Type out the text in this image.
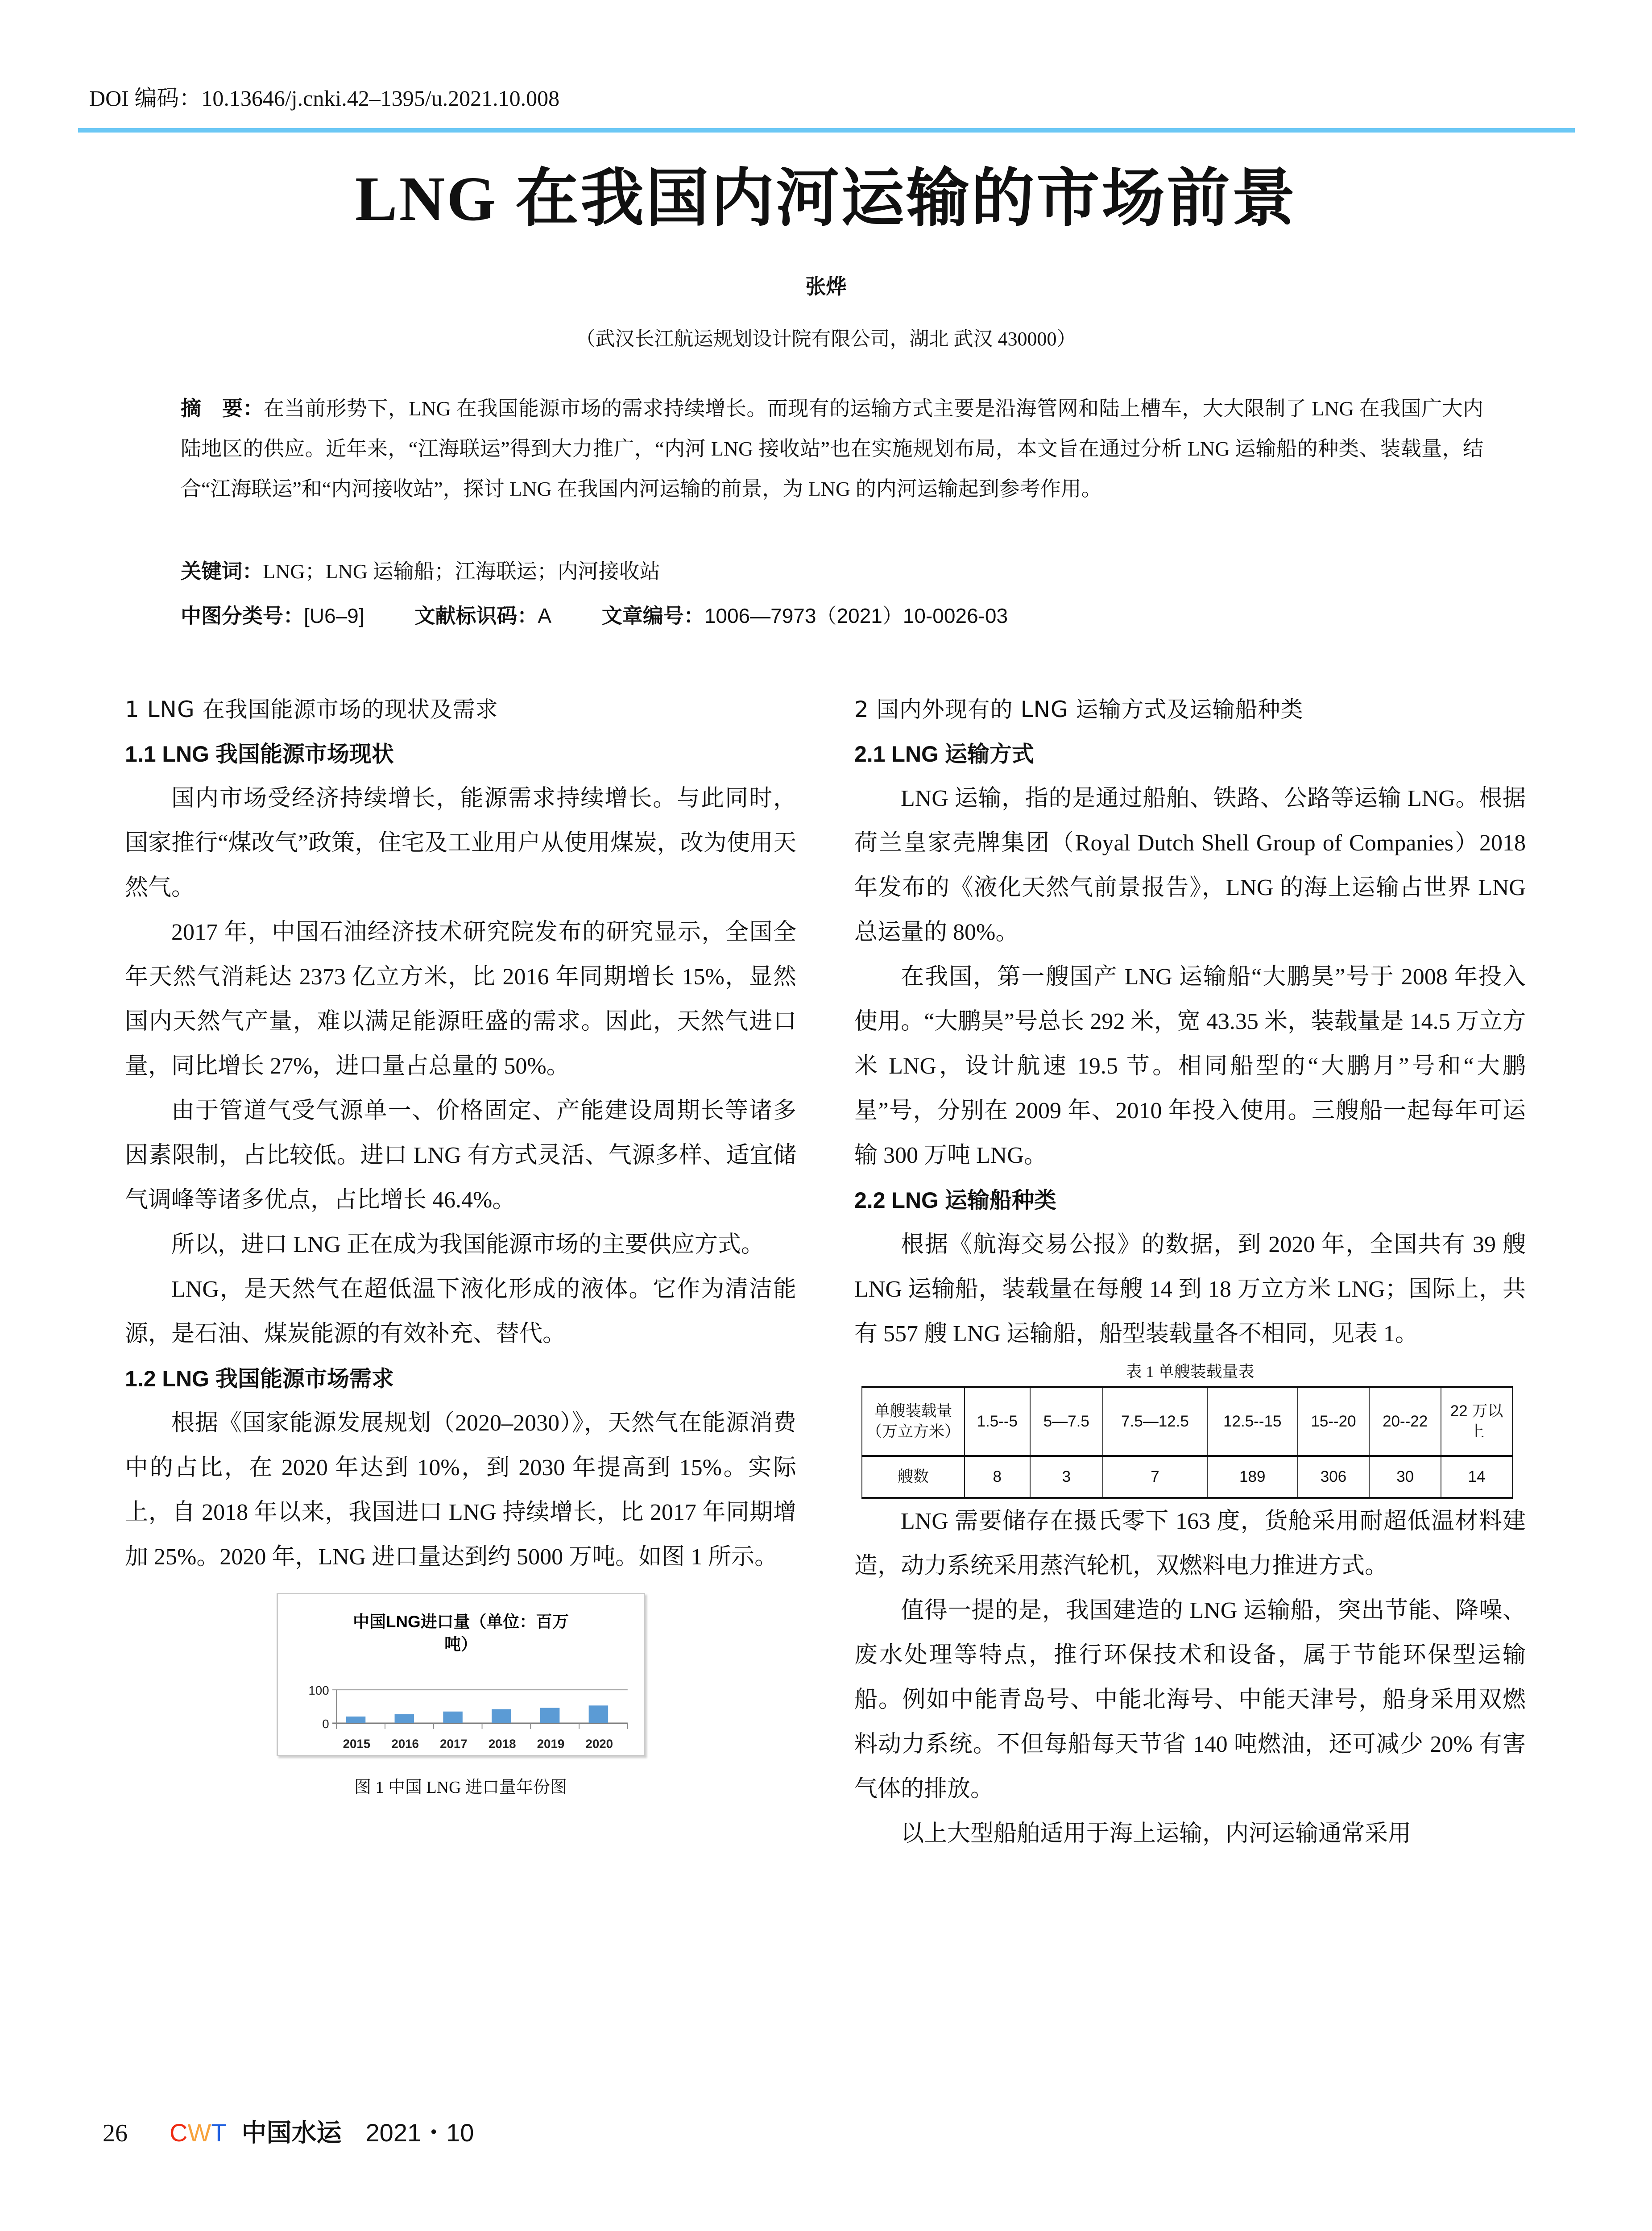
DOI 编码：10.13646/j.cnki.42–1395/u.2021.10.008
LNG 在我国内河运输的市场前景
张烨
（武汉长江航运规划设计院有限公司，湖北 武汉 430000）
摘　要：在当前形势下，LNG 在我国能源市场的需求持续增长。而现有的运输方式主要是沿海管网和陆上槽车，大大限制了 LNG 在我国广大内陆地区的供应。近年来，“江海联运”得到大力推广，“内河 LNG 接收站”也在实施规划布局，本文旨在通过分析 LNG 运输船的种类、装载量，结合“江海联运”和“内河接收站”，探讨 LNG 在我国内河运输的前景，为 LNG 的内河运输起到参考作用。
关键词：LNG；LNG 运输船；江海联运；内河接收站
中图分类号：[U6–9] 文献标识码：A 文章编号：1006—7973（2021）10-0026-03
1 LNG 在我国能源市场的现状及需求
1.1 LNG 我国能源市场现状

国内市场受经济持续增长，能源需求持续增长。与此同时，国家推行“煤改气”政策，住宅及工业用户从使用煤炭，改为使用天然气。

2017 年，中国石油经济技术研究院发布的研究显示，全国全年天然气消耗达 2373 亿立方米，比 2016 年同期增长 15%，显然国内天然气产量，难以满足能源旺盛的需求。因此，天然气进口量，同比增长 27%，进口量占总量的 50%。

由于管道气受气源单一、价格固定、产能建设周期长等诸多因素限制，占比较低。进口 LNG 有方式灵活、气源多样、适宜储气调峰等诸多优点，占比增长 46.4%。

所以，进口 LNG 正在成为我国能源市场的主要供应方式。

LNG，是天然气在超低温下液化形成的液体。它作为清洁能源，是石油、煤炭能源的有效补充、替代。

1.2 LNG 我国能源市场需求

根据《国家能源发展规划（2020–2030）》，天然气在能源消费中的占比，在 2020 年达到 10%，到 2030 年提高到 15%。实际上，自 2018 年以来，我国进口 LNG 持续增长，比 2017 年同期增加 25%。2020 年，LNG 进口量达到约 5000 万吨。如图 1 所示。

中国LNG进口量（单位：百万
吨）
0
100
2015 2016 2017 2018 2019 2020
图 1 中国 LNG 进口量年份图
2 国内外现有的 LNG 运输方式及运输船种类
2.1 LNG 运输方式

LNG 运输，指的是通过船舶、铁路、公路等运输 LNG。根据荷兰皇家壳牌集团（Royal Dutch Shell Group of Companies）2018 年发布的《液化天然气前景报告》，LNG 的海上运输占世界 LNG 总运量的 80%。

在我国，第一艘国产 LNG 运输船“大鹏昊”号于 2008 年投入使用。“大鹏昊”号总长 292 米，宽 43.35 米，装载量是 14.5 万立方米 LNG，设计航速 19.5 节。相同船型的“大鹏月”号和“大鹏星”号，分别在 2009 年、2010 年投入使用。三艘船一起每年可运输 300 万吨 LNG。

2.2 LNG 运输船种类

根据《航海交易公报》的数据，到 2020 年，全国共有 39 艘 LNG 运输船，装载量在每艘 14 到 18 万立方米 LNG；国际上，共有 557 艘 LNG 运输船，船型装载量各不相同，见表 1。

表 1 单艘装载量表
单艘装载量（万立方米）	1.5--5	5—7.5	7.5—12.5	12.5--15	15--20	20--22	22 万以上
艘数	8	3	7	189	306	30	14

LNG 需要储存在摄氏零下 163 度，货舱采用耐超低温材料建造，动力系统采用蒸汽轮机，双燃料电力推进方式。

值得一提的是，我国建造的 LNG 运输船，突出节能、降噪、废水处理等特点，推行环保技术和设备，属于节能环保型运输船。例如中能青岛号、中能北海号、中能天津号，船身采用双燃料动力系统。不但每船每天节省 140 吨燃油，还可减少 20% 有害气体的排放。

以上大型船舶适用于海上运输，内河运输通常采用

26 CWT 中国水运 2021・10
